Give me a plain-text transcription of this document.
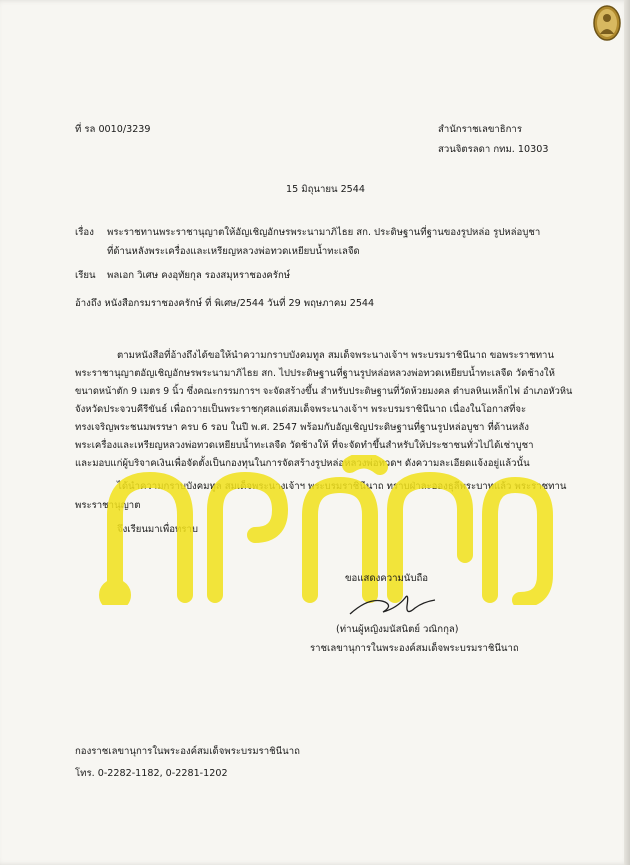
ที่ รล 0010/3239	สำนักราชเลขาธิการ
สวนจิตรลดา กทม. 10303
15 มิถุนายน 2544
เรื่อง พระราชทานพระราชานุญาตให้อัญเชิญอักษรพระนามาภิไธย สก. ประดิษฐานที่ฐานของรูปหล่อ รูปหล่อบูชา
ที่ด้านหลังพระเครื่องและเหรียญหลวงพ่อทวดเหยียบน้ำทะเลจืด
เรียน พลเอก วิเศษ คงอุทัยกุล รองสมุหราชองครักษ์
อ้างถึง หนังสือกรมราชองครักษ์ ที่ พิเศษ/2544 วันที่ 29 พฤษภาคม 2544
ตามหนังสือที่อ้างถึงได้ขอให้นำความกราบบังคมทูล สมเด็จพระนางเจ้าฯ พระบรมราชินีนาถ ขอพระราชทาน
พระราชานุญาตอัญเชิญอักษรพระนามาภิไธย สก. ไปประดิษฐานที่ฐานรูปหล่อหลวงพ่อทวดเหยียบน้ำทะเลจืด วัดช้างให้
ขนาดหน้าตัก 9 เมตร 9 นิ้ว ซึ่งคณะกรรมการฯ จะจัดสร้างขึ้น สำหรับประดิษฐานที่วัดห้วยมงคล ตำบลหินเหล็กไฟ อำเภอหัวหิน
จังหวัดประจวบคีรีขันธ์ เพื่อถวายเป็นพระราชกุศลแด่สมเด็จพระนางเจ้าฯ พระบรมราชินีนาถ เนื่องในโอกาสที่จะ
ทรงเจริญพระชนมพรรษา ครบ 6 รอบ ในปี พ.ศ. 2547 พร้อมกับอัญเชิญประดิษฐานที่ฐานรูปหล่อบูชา ที่ด้านหลัง
พระเครื่องและเหรียญหลวงพ่อทวดเหยียบน้ำทะเลจืด วัดช้างให้ ที่จะจัดทำขึ้นสำหรับให้ประชาชนทั่วไปได้เช่าบูชา
และมอบแก่ผู้บริจาคเงินเพื่อจัดตั้งเป็นกองทุนในการจัดสร้างรูปหล่อหลวงพ่อทวดฯ ดังความละเอียดแจ้งอยู่แล้วนั้น
ได้นำความกราบบังคมทูล สมเด็จพระนางเจ้าฯ พระบรมราชินีนาถ ทราบฝ่าละอองธุลีพระบาทแล้ว พระราชทาน
พระราชานุญาต
จึงเรียนมาเพื่อทราบ
ขอแสดงความนับถือ
(ท่านผู้หญิงมนัสนิตย์ วณิกกุล)
ราชเลขานุการในพระองค์สมเด็จพระบรมราชินีนาถ
กองราชเลขานุการในพระองค์สมเด็จพระบรมราชินีนาถ
โทร. 0-2282-1182, 0-2281-1202
